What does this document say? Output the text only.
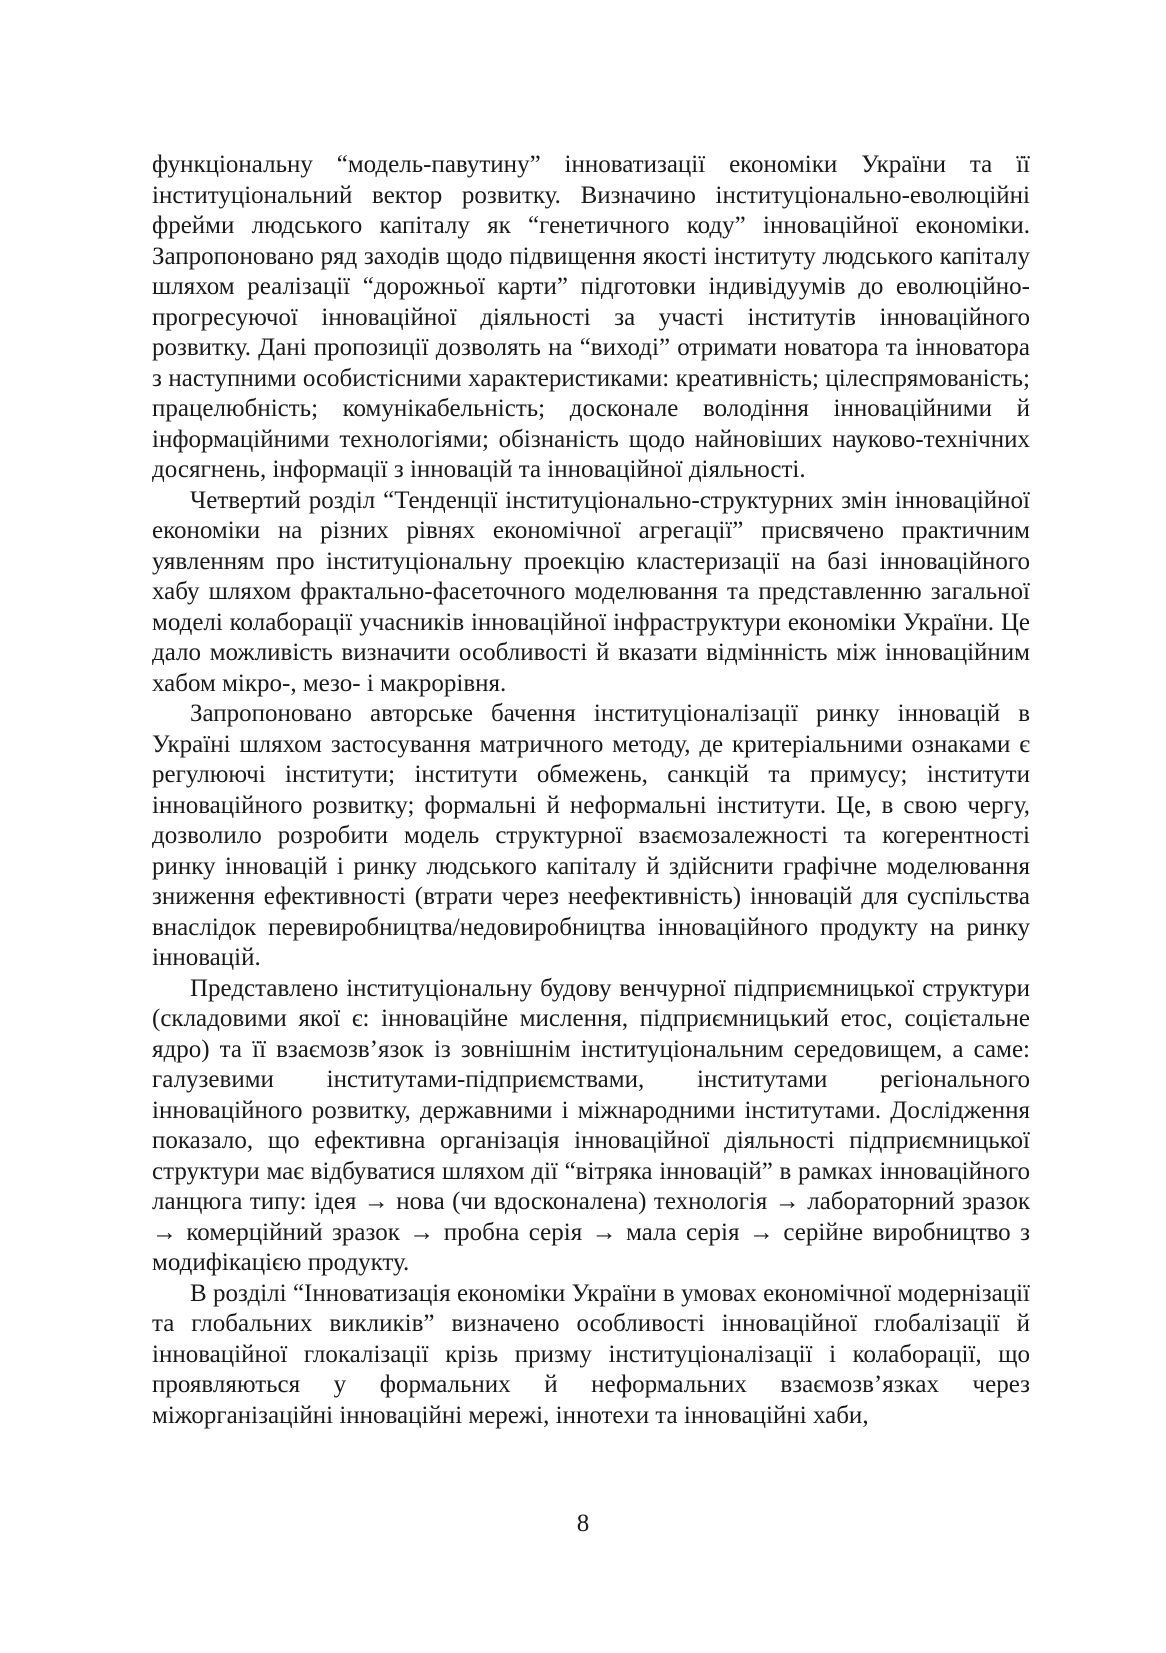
функціональну “модель-павутину” інноватизації економіки України та її інституціональний вектор розвитку. Визначино інституціонально-еволюційні фрейми людського капіталу як “генетичного коду” інноваційної економіки. Запропоновано ряд заходів щодо підвищення якості інституту людського капіталу шляхом реалізації “дорожньої карти” підготовки індивідуумів до еволюційно-прогресуючої інноваційної діяльності за участі інститутів інноваційного розвитку. Дані пропозиції дозволять на “виході” отримати новатора та інноватора з наступними особистісними характеристиками: креативність; цілеспрямованість; працелюбність; комунікабельність; досконале володіння інноваційними й інформаційними технологіями; обізнаність щодо найновіших науково-технічних досягнень, інформації з інновацій та інноваційної діяльності.

Четвертий розділ “Тенденції інституціонально-структурних змін інноваційної економіки на різних рівнях економічної агрегації” присвячено практичним уявленням про інституціональну проекцію кластеризації на базі інноваційного хабу шляхом фрактально-фасеточного моделювання та представленню загальної моделі колаборації учасників інноваційної інфраструктури економіки України. Це дало можливість визначити особливості й вказати відмінність між інноваційним хабом мікро-, мезо- і макрорівня.

Запропоновано авторське бачення інституціоналізації ринку інновацій в Україні шляхом застосування матричного методу, де критеріальними ознаками є регулюючі інститути; інститути обмежень, санкцій та примусу; інститути інноваційного розвитку; формальні й неформальні інститути. Це, в свою чергу, дозволило розробити модель структурної взаємозалежності та когерентності ринку інновацій і ринку людського капіталу й здійснити графічне моделювання зниження ефективності (втрати через неефективність) інновацій для суспільства внаслідок перевиробництва/недовиробництва інноваційного продукту на ринку інновацій.

Представлено інституціональну будову венчурної підприємницької структури (складовими якої є: інноваційне мислення, підприємницький етос, соцієтальне ядро) та її взаємозв’язок із зовнішнім інституціональним середовищем, а саме: галузевими інститутами-підприємствами, інститутами регіонального інноваційного розвитку, державними і міжнародними інститутами. Дослідження показало, що ефективна організація інноваційної діяльності підприємницької структури має відбуватися шляхом дії “вітряка інновацій” в рамках інноваційного ланцюга типу: ідея → нова (чи вдосконалена) технологія → лабораторний зразок → комерційний зразок → пробна серія → мала серія → серійне виробництво з модифікацією продукту.

В розділі “Інноватизація економіки України в умовах економічної модернізації та глобальних викликів” визначено особливості інноваційної глобалізації й інноваційної глокалізації крізь призму інституціоналізації і колаборації, що проявляються у формальних й неформальних взаємозв’язках через міжорганізаційні інноваційні мережі, іннотехи та інноваційні хаби,

8
